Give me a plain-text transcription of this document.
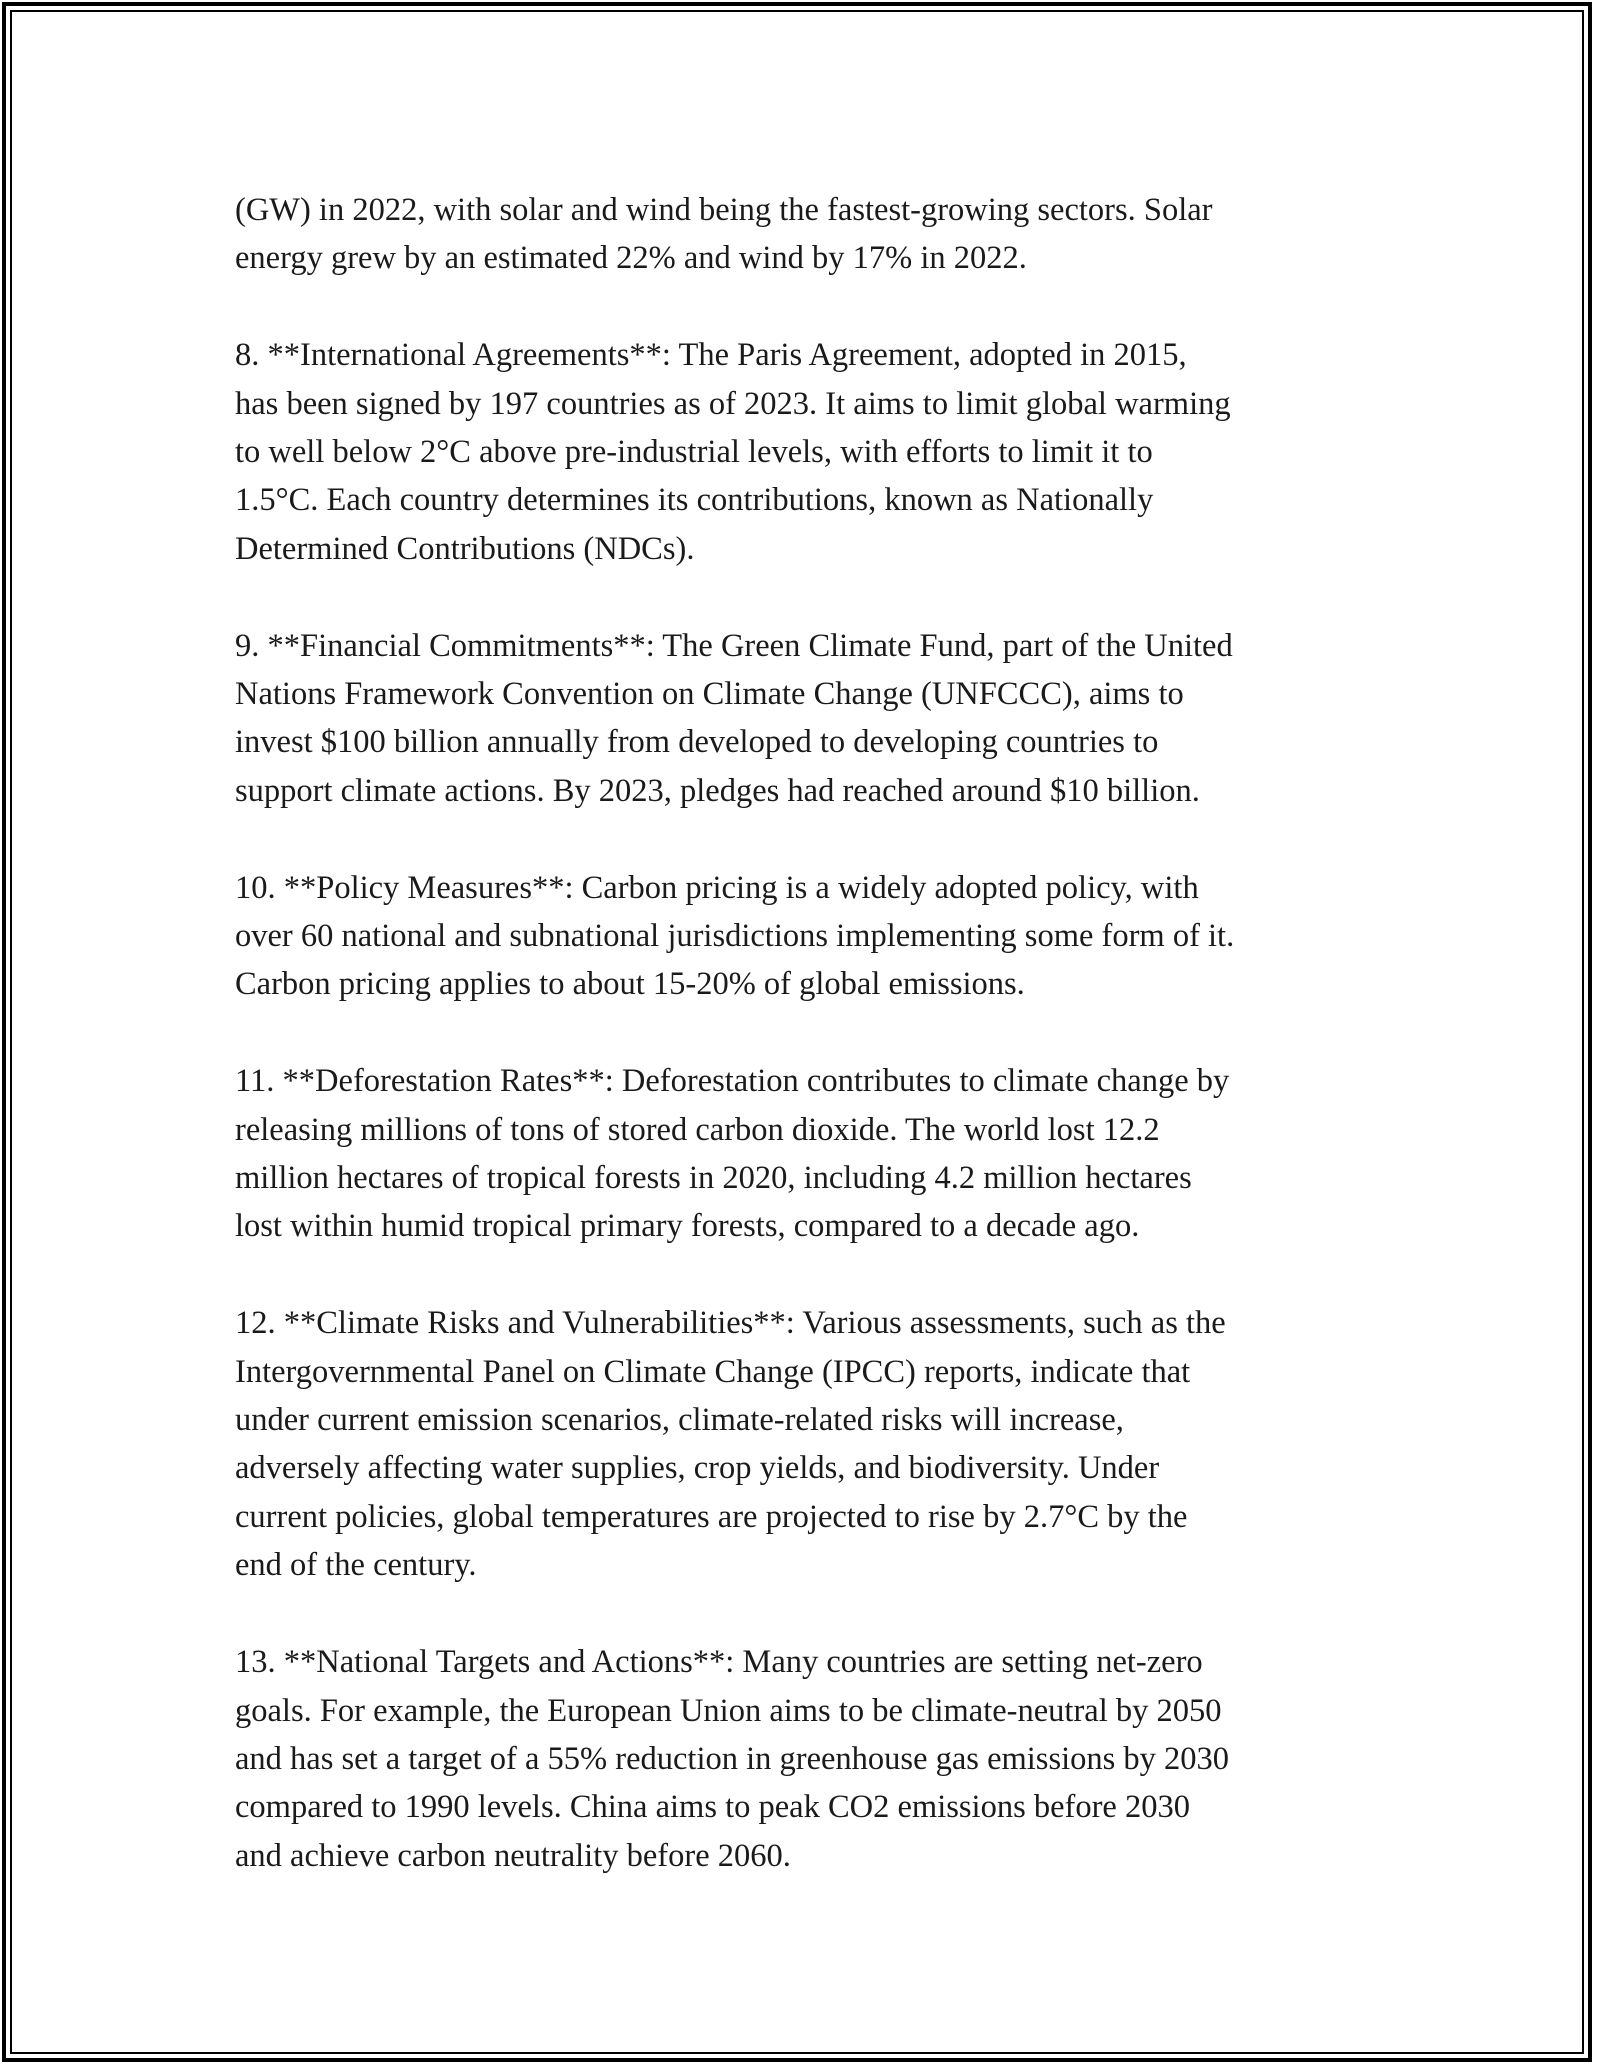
(GW) in 2022, with solar and wind being the fastest-growing sectors. Solar
energy grew by an estimated 22% and wind by 17% in 2022.

8. **International Agreements**: The Paris Agreement, adopted in 2015,
has been signed by 197 countries as of 2023. It aims to limit global warming
to well below 2°C above pre-industrial levels, with efforts to limit it to
1.5°C. Each country determines its contributions, known as Nationally
Determined Contributions (NDCs).

9. **Financial Commitments**: The Green Climate Fund, part of the United
Nations Framework Convention on Climate Change (UNFCCC), aims to
invest $100 billion annually from developed to developing countries to
support climate actions. By 2023, pledges had reached around $10 billion.

10. **Policy Measures**: Carbon pricing is a widely adopted policy, with
over 60 national and subnational jurisdictions implementing some form of it.
Carbon pricing applies to about 15-20% of global emissions.

11. **Deforestation Rates**: Deforestation contributes to climate change by
releasing millions of tons of stored carbon dioxide. The world lost 12.2
million hectares of tropical forests in 2020, including 4.2 million hectares
lost within humid tropical primary forests, compared to a decade ago.

12. **Climate Risks and Vulnerabilities**: Various assessments, such as the
Intergovernmental Panel on Climate Change (IPCC) reports, indicate that
under current emission scenarios, climate-related risks will increase,
adversely affecting water supplies, crop yields, and biodiversity. Under
current policies, global temperatures are projected to rise by 2.7°C by the
end of the century.

13. **National Targets and Actions**: Many countries are setting net-zero
goals. For example, the European Union aims to be climate-neutral by 2050
and has set a target of a 55% reduction in greenhouse gas emissions by 2030
compared to 1990 levels. China aims to peak CO2 emissions before 2030
and achieve carbon neutrality before 2060.
